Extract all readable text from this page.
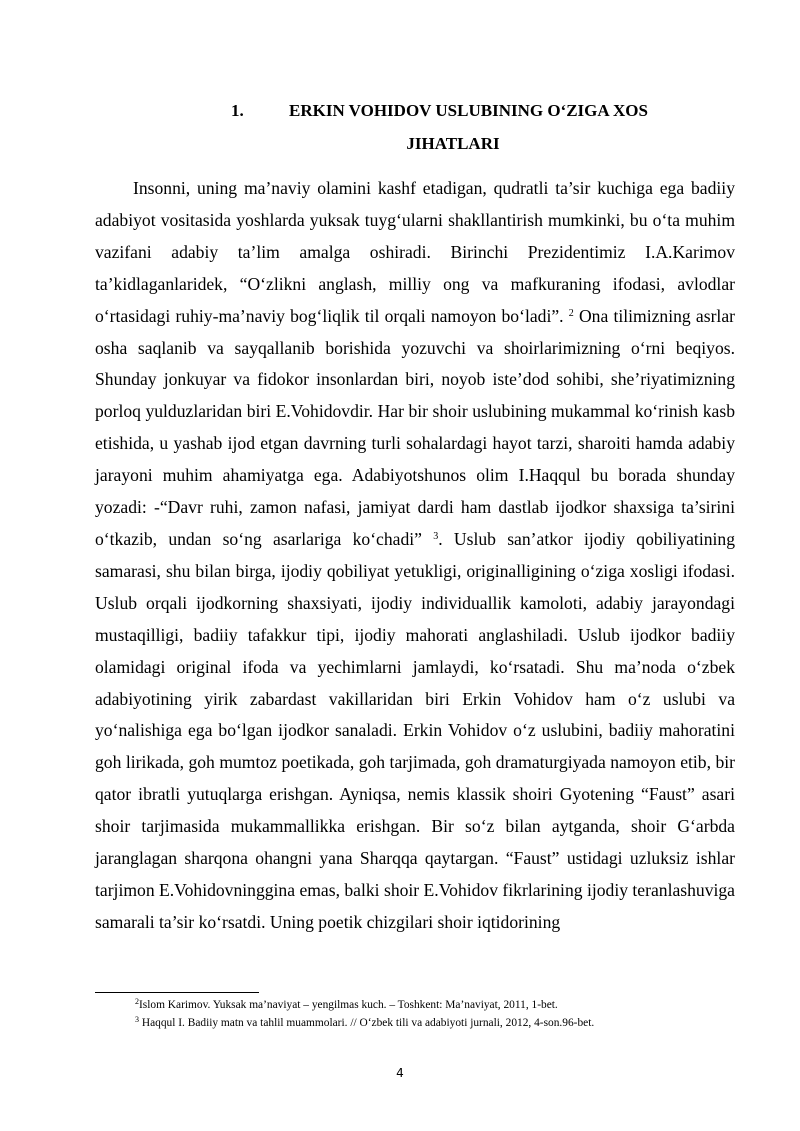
1.	ERKIN VOHIDOV USLUBINING O‘ZIGA XOS
JIHATLARI

Insonni, uning ma’naviy olamini kashf etadigan, qudratli ta’sir kuchiga ega badiiy adabiyot vositasida yoshlarda yuksak tuyg‘ularni shakllantirish mumkinki, bu o‘ta muhim vazifani adabiy ta’lim amalga oshiradi. Birinchi Prezidentimiz I.A.Karimov ta’kidlaganlaridek, “O‘zlikni anglash, milliy ong va mafkuraning ifodasi, avlodlar o‘rtasidagi ruhiy-ma’naviy bog‘liqlik til orqali namoyon bo‘ladi”. $^2$ Ona tilimizning asrlar osha saqlanib va sayqallanib borishida yozuvchi va shoirlarimizning o‘rni beqiyos. Shunday jonkuyar va fidokor insonlardan biri, noyob iste’dod sohibi, she’riyatimizning porloq yulduzlaridan biri E.Vohidovdir. Har bir shoir uslubining mukammal ko‘rinish kasb etishida, u yashab ijod etgan davrning turli sohalardagi hayot tarzi, sharoiti hamda adabiy jarayoni muhim ahamiyatga ega. Adabiyotshunos olim I.Haqqul bu borada shunday yozadi: -“Davr ruhi, zamon nafasi, jamiyat dardi ham dastlab ijodkor shaxsiga ta’sirini o‘tkazib, undan so‘ng asarlariga ko‘chadi” $^3$. Uslub san’atkor ijodiy qobiliyatining samarasi, shu bilan birga, ijodiy qobiliyat yetukligi, originalligining o‘ziga xosligi ifodasi. Uslub orqali ijodkorning shaxsiyati, ijodiy individuallik kamoloti, adabiy jarayondagi mustaqilligi, badiiy tafakkur tipi, ijodiy mahorati anglashiladi. Uslub ijodkor badiiy olamidagi original ifoda va yechimlarni jamlaydi, ko‘rsatadi. Shu ma’noda o‘zbek adabiyotining yirik zabardast vakillaridan biri Erkin Vohidov ham o‘z uslubi va yo‘nalishiga ega bo‘lgan ijodkor sanaladi. Erkin Vohidov o‘z uslubini, badiiy mahoratini goh lirikada, goh mumtoz poetikada, goh tarjimada, goh dramaturgiyada namoyon etib, bir qator ibratli yutuqlarga erishgan. Ayniqsa, nemis klassik shoiri Gyotening “Faust” asari shoir tarjimasida mukammallikka erishgan. Bir so‘z bilan aytganda, shoir G‘arbda jaranglagan sharqona ohangni yana Sharqqa qaytargan. “Faust” ustidagi uzluksiz ishlar tarjimon E.Vohidovninggina emas, balki shoir E.Vohidov fikrlarining ijodiy teranlashuviga samarali ta’sir ko‘rsatdi. Uning poetik chizgilari shoir iqtidorining

$^2$Islom Karimov. Yuksak ma’naviyat – yengilmas kuch. – Toshkent: Ma’naviyat, 2011, 1-bet.
$^3$ Haqqul I. Badiiy matn va tahlil muammolari. // O‘zbek tili va adabiyoti jurnali, 2012, 4-son.96-bet.
4
